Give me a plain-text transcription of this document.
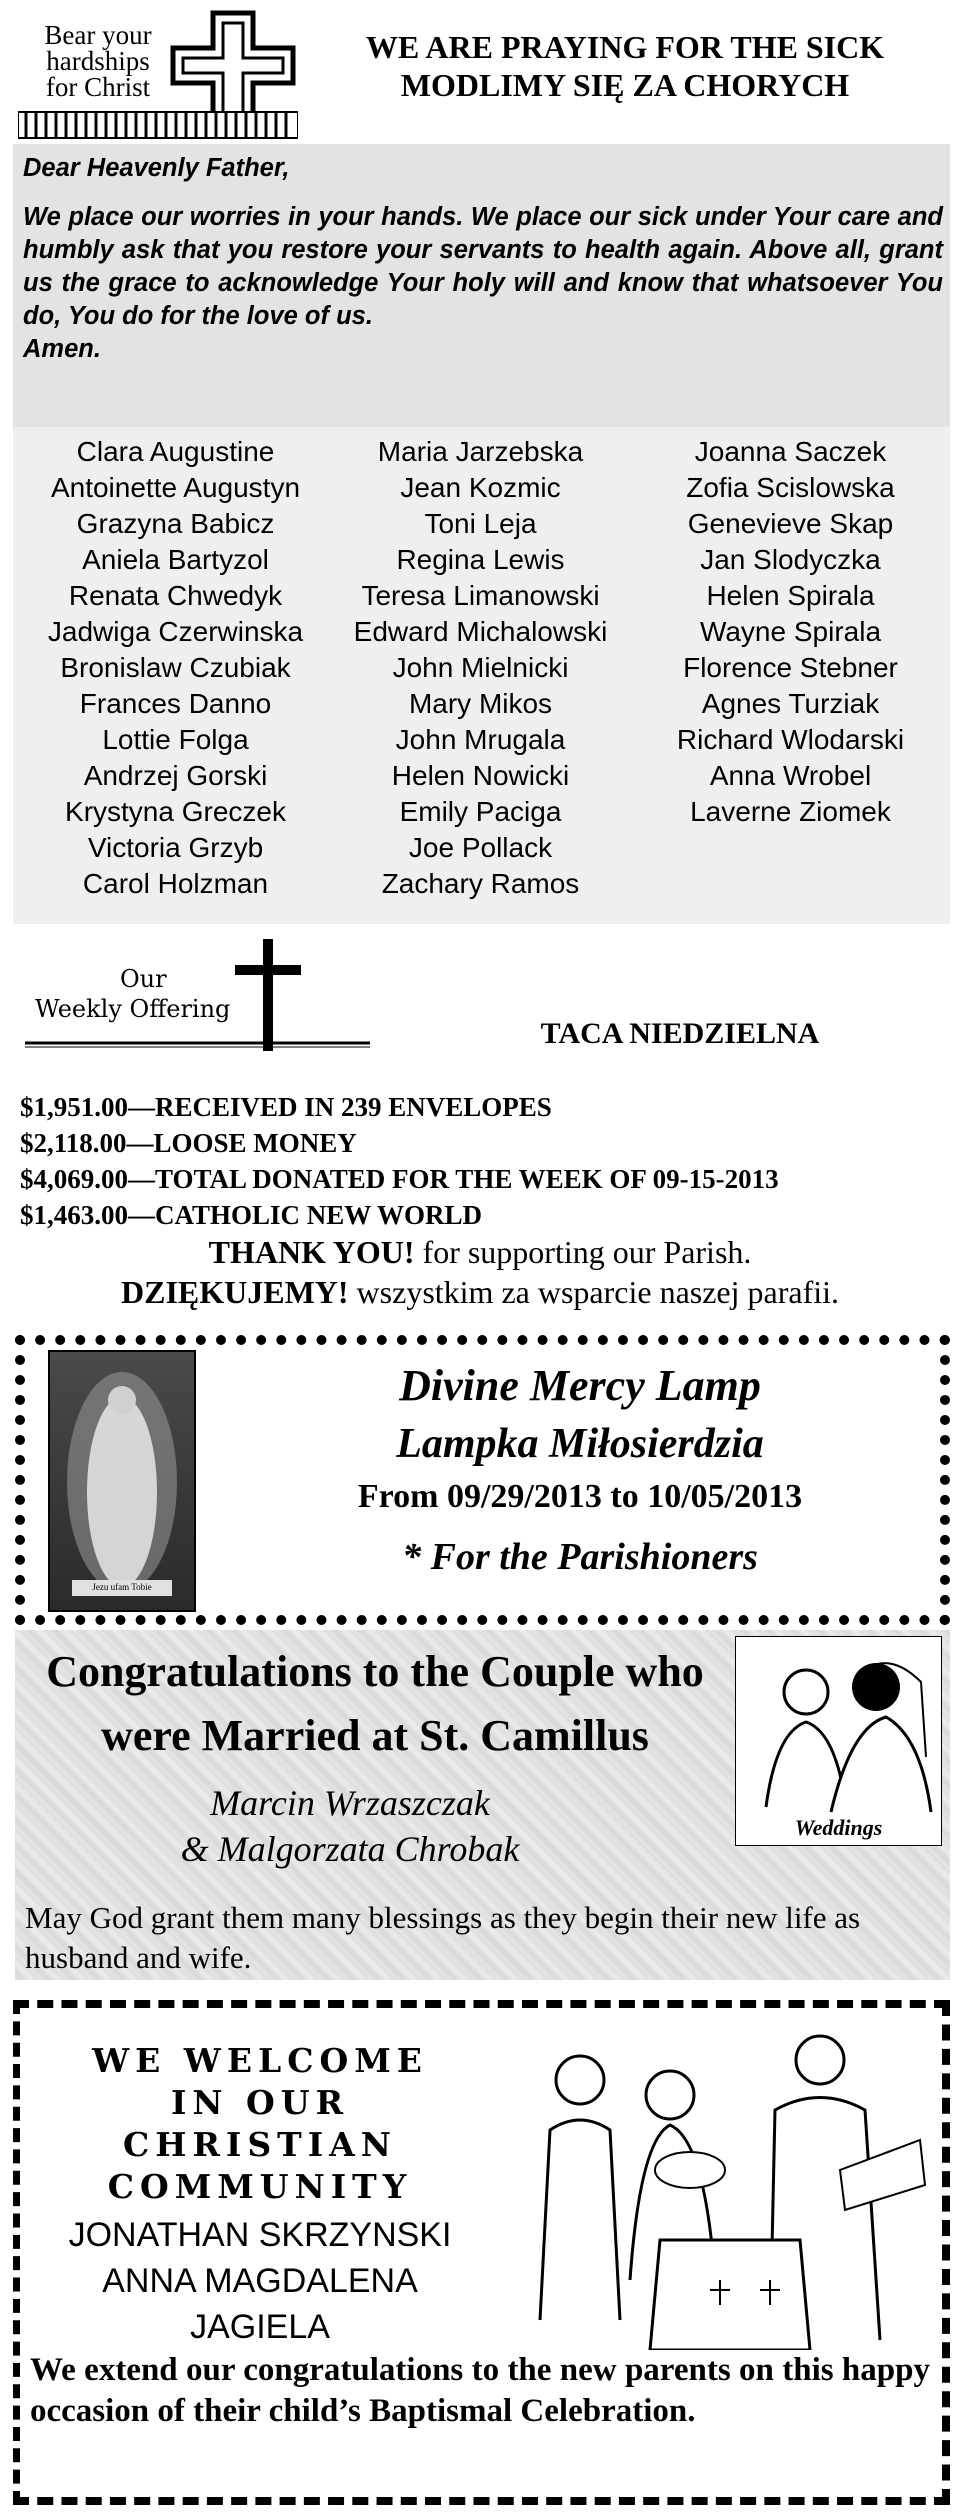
Bear your
hardships
for Christ
WE ARE PRAYING FOR THE SICK
MODLIMY SIĘ ZA CHORYCH

Dear Heavenly Father,

We place our worries in your hands. We place our sick under Your care and humbly ask that you restore your servants to health again. Above all, grant us the grace to acknowledge Your holy will and know that whatsoever You do, You do for the love of us.

Amen.

Clara Augustine
Antoinette Augustyn
Grazyna Babicz
Aniela Bartyzol
Renata Chwedyk
Jadwiga Czerwinska
Bronislaw Czubiak
Frances Danno
Lottie Folga
Andrzej Gorski
Krystyna Greczek
Victoria Grzyb
Carol Holzman
Maria Jarzebska
Jean Kozmic
Toni Leja
Regina Lewis
Teresa Limanowski
Edward Michalowski
John Mielnicki
Mary Mikos
John Mrugala
Helen Nowicki
Emily Paciga
Joe Pollack
Zachary Ramos
Joanna Saczek
Zofia Scislowska
Genevieve Skap
Jan Slodyczka
Helen Spirala
Wayne Spirala
Florence Stebner
Agnes Turziak
Richard Wlodarski
Anna Wrobel
Laverne Ziomek
Our
Weekly Offering
TACA NIEDZIELNA
$1,951.00—RECEIVED IN 239 ENVELOPES
$2,118.00—LOOSE MONEY
$4,069.00—TOTAL DONATED FOR THE WEEK OF 09-15-2013
$1,463.00—CATHOLIC NEW WORLD
THANK YOU! for supporting our Parish.
DZIĘKUJEMY! wszystkim za wsparcie naszej parafii.
Jezu ufam Tobie
Divine Mercy Lamp
Lampka Miłosierdzia
From 09/29/2013 to 10/05/2013
* For the Parishioners
Congratulations to the Couple who
were Married at St. Camillus
Weddings
Marcin Wrzaszczak
& Malgorzata Chrobak
May God grant them many blessings as they begin their new life as husband and wife.
WE WELCOME
IN OUR
CHRISTIAN
COMMUNITY
JONATHAN SKRZYNSKI
ANNA MAGDALENA
JAGIELA
We extend our congratulations to the new parents on this happy occasion of their child’s Baptismal Celebration.
